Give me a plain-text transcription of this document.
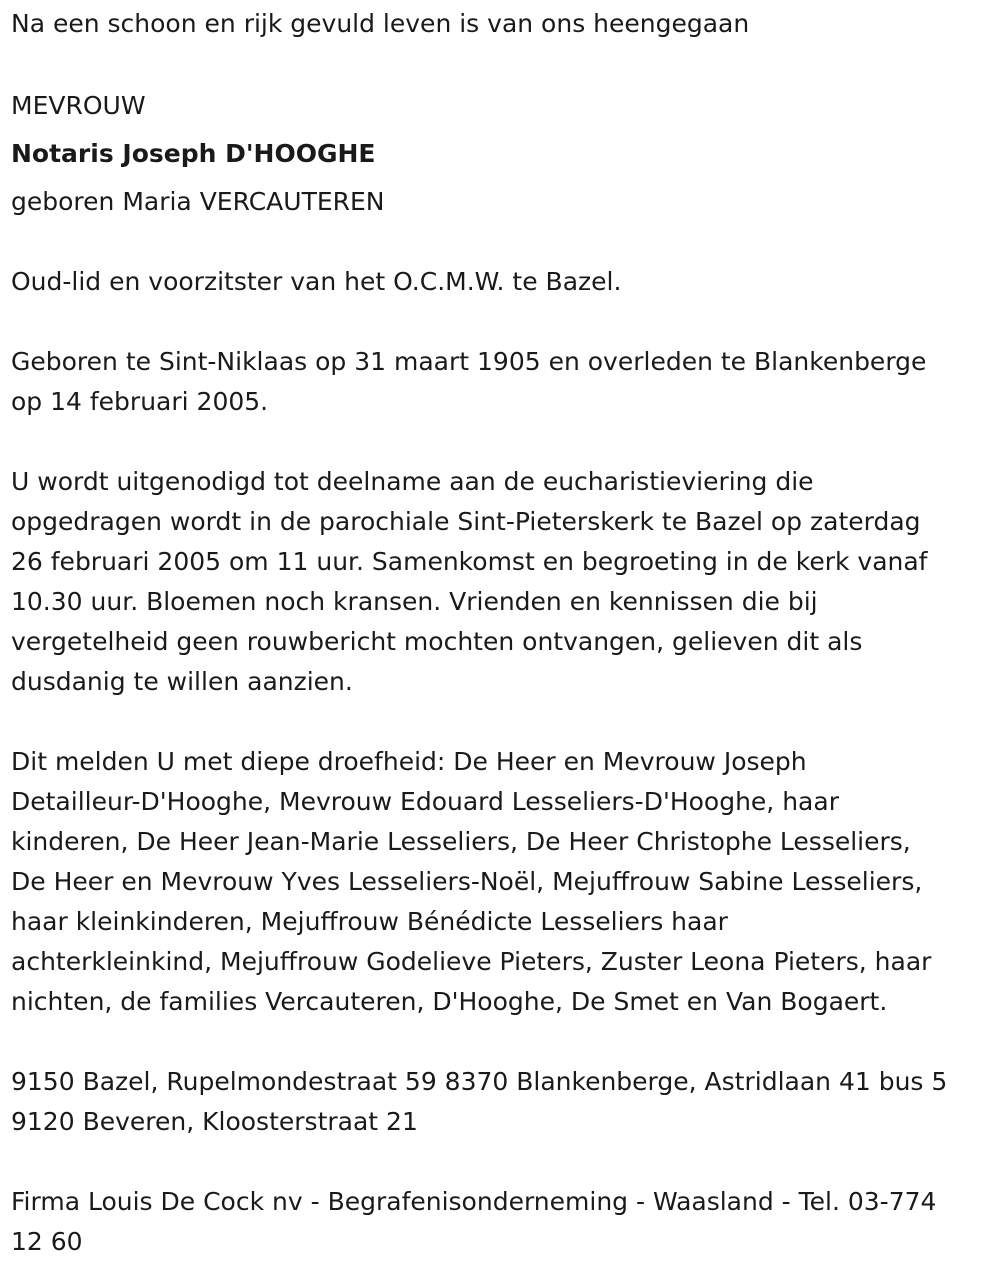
Na een schoon en rijk gevuld leven is van ons heengegaan

MEVROUW

Notaris Joseph D'HOOGHE

geboren Maria VERCAUTEREN

Oud-lid en voorzitster van het O.C.M.W. te Bazel.

Geboren te Sint-Niklaas op 31 maart 1905 en overleden te Blankenberge
op 14 februari 2005.

U wordt uitgenodigd tot deelname aan de eucharistieviering die
opgedragen wordt in de parochiale Sint-Pieterskerk te Bazel op zaterdag
26 februari 2005 om 11 uur. Samenkomst en begroeting in de kerk vanaf
10.30 uur. Bloemen noch kransen. Vrienden en kennissen die bij
vergetelheid geen rouwbericht mochten ontvangen, gelieven dit als
dusdanig te willen aanzien.

Dit melden U met diepe droefheid: De Heer en Mevrouw Joseph
Detailleur-D'Hooghe, Mevrouw Edouard Lesseliers-D'Hooghe, haar
kinderen, De Heer Jean-Marie Lesseliers, De Heer Christophe Lesseliers,
De Heer en Mevrouw Yves Lesseliers-Noël, Mejuffrouw Sabine Lesseliers,
haar kleinkinderen, Mejuffrouw Bénédicte Lesseliers haar
achterkleinkind, Mejuffrouw Godelieve Pieters, Zuster Leona Pieters, haar
nichten, de families Vercauteren, D'Hooghe, De Smet en Van Bogaert.

9150 Bazel, Rupelmondestraat 59 8370 Blankenberge, Astridlaan 41 bus 5
9120 Beveren, Kloosterstraat 21

Firma Louis De Cock nv - Begrafenisonderneming - Waasland - Tel. 03-774
12 60
